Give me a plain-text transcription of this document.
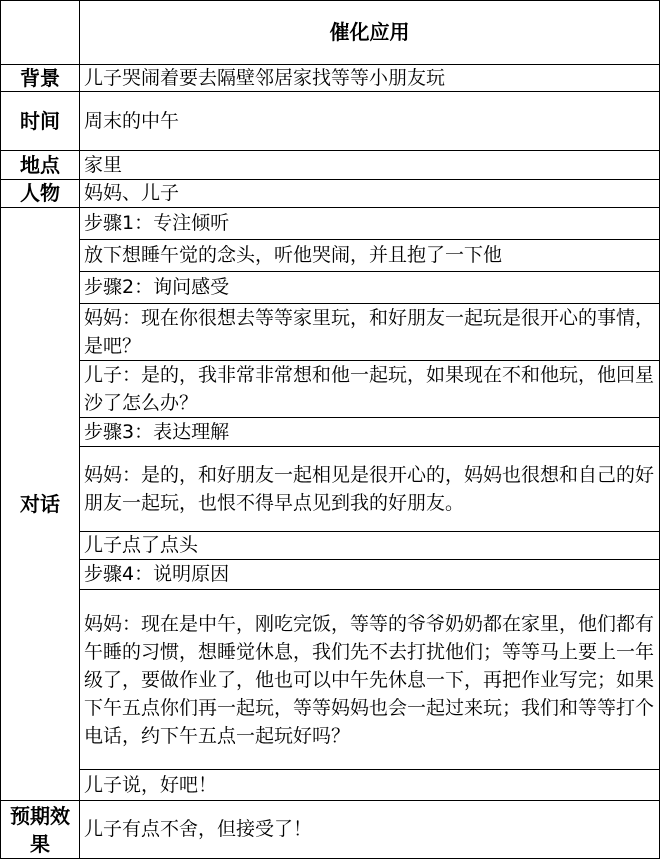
	催化应用
背景	儿子哭闹着要去隔壁邻居家找等等小朋友玩
时间	周末的中午
地点	家里
人物	妈妈、儿子
对话	步骤1：专注倾听
	放下想睡午觉的念头，听他哭闹，并且抱了一下他
	步骤2：询问感受
	妈妈：现在你很想去等等家里玩，和好朋友一起玩是很开心的事情，是吧？
	儿子：是的，我非常非常想和他一起玩，如果现在不和他玩，他回星沙了怎么办？
	步骤3：表达理解
	妈妈：是的，和好朋友一起相见是很开心的，妈妈也很想和自己的好朋友一起玩，也恨不得早点见到我的好朋友。
	儿子点了点头
	步骤4：说明原因
	妈妈：现在是中午，刚吃完饭，等等的爷爷奶奶都在家里，他们都有午睡的习惯，想睡觉休息，我们先不去打扰他们；等等马上要上一年级了，要做作业了，他也可以中午先休息一下，再把作业写完；如果下午五点你们再一起玩，等等妈妈也会一起过来玩；我们和等等打个电话，约下午五点一起玩好吗？
	儿子说，好吧！
预期效果	儿子有点不舍，但接受了！
